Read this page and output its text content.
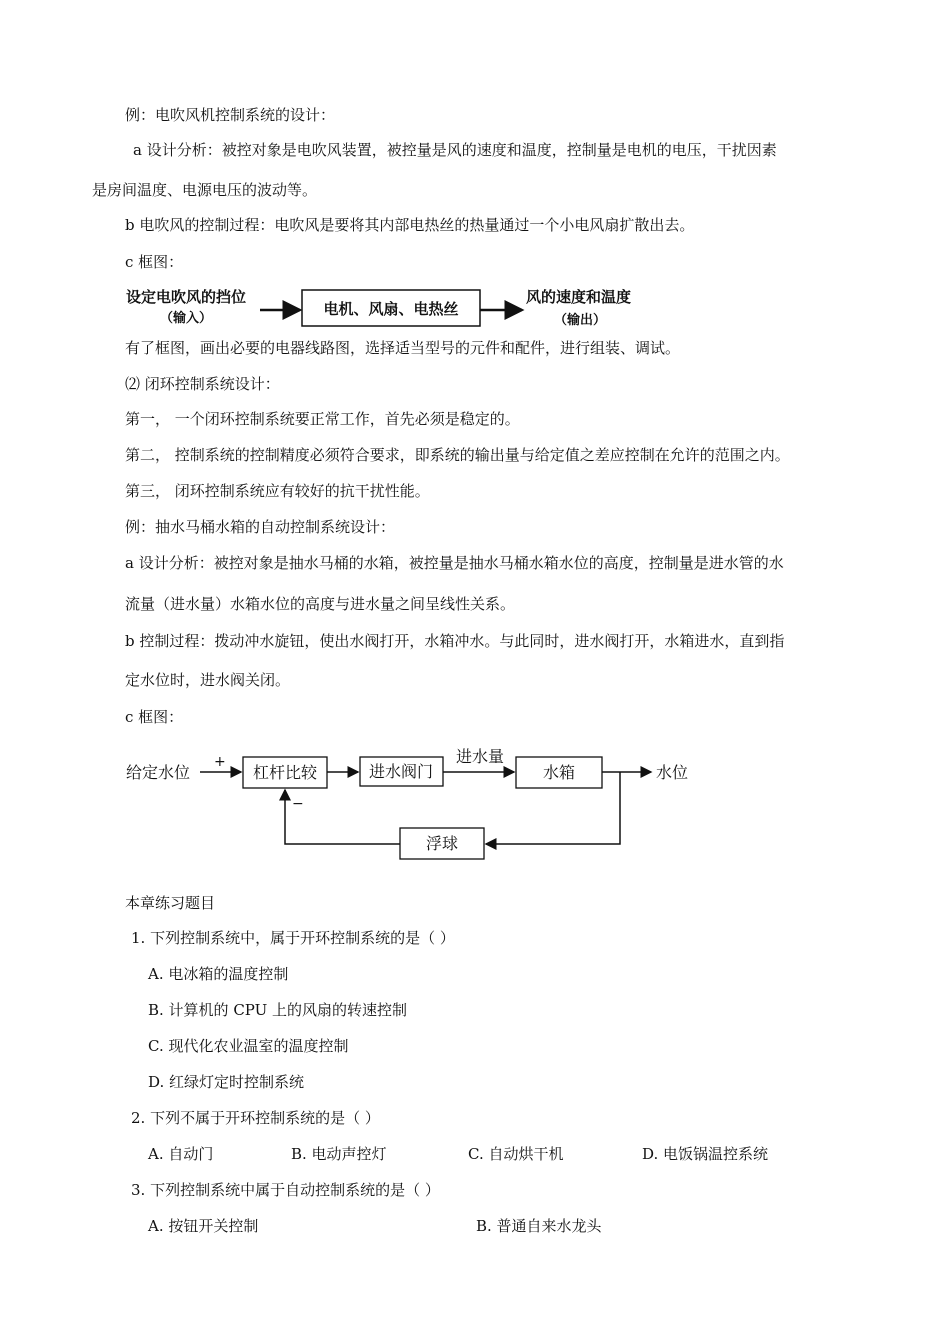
例：电吹风机控制系统的设计：
a 设计分析：被控对象是电吹风装置，被控量是风的速度和温度，控制量是电机的电压，干扰因素
是房间温度、电源电压的波动等。
b 电吹风的控制过程：电吹风是要将其内部电热丝的热量通过一个小电风扇扩散出去。
c 框图：
设定电吹风的挡位
（输入）
电机、风扇、电热丝
风的速度和温度
（输出）
有了框图，画出必要的电器线路图，选择适当型号的元件和配件，进行组装、调试。
⑵ 闭环控制系统设计：
第一， 一个闭环控制系统要正常工作，首先必须是稳定的。
第二， 控制系统的控制精度必须符合要求，即系统的输出量与给定值之差应控制在允许的范围之内。
第三， 闭环控制系统应有较好的抗干扰性能。
例：抽水马桶水箱的自动控制系统设计：
a 设计分析：被控对象是抽水马桶的水箱，被控量是抽水马桶水箱水位的高度，控制量是进水管的水
流量（进水量）水箱水位的高度与进水量之间呈线性关系。
b 控制过程：拨动冲水旋钮，使出水阀打开，水箱冲水。与此同时，进水阀打开，水箱进水，直到指
定水位时，进水阀关闭。
c 框图：
给定水位
+
杠杆比较	进水阀门
进水量
水箱	水位
浮球
−
本章练习题目
1. 下列控制系统中，属于开环控制系统的是（ ）
A. 电冰箱的温度控制
B. 计算机的 CPU 上的风扇的转速控制
C. 现代化农业温室的温度控制
D. 红绿灯定时控制系统
2. 下列不属于开环控制系统的是（ ）
A. 自动门	B. 电动声控灯	C. 自动烘干机	D. 电饭锅温控系统
3. 下列控制系统中属于自动控制系统的是（ ）
A. 按钮开关控制	B. 普通自来水龙头
